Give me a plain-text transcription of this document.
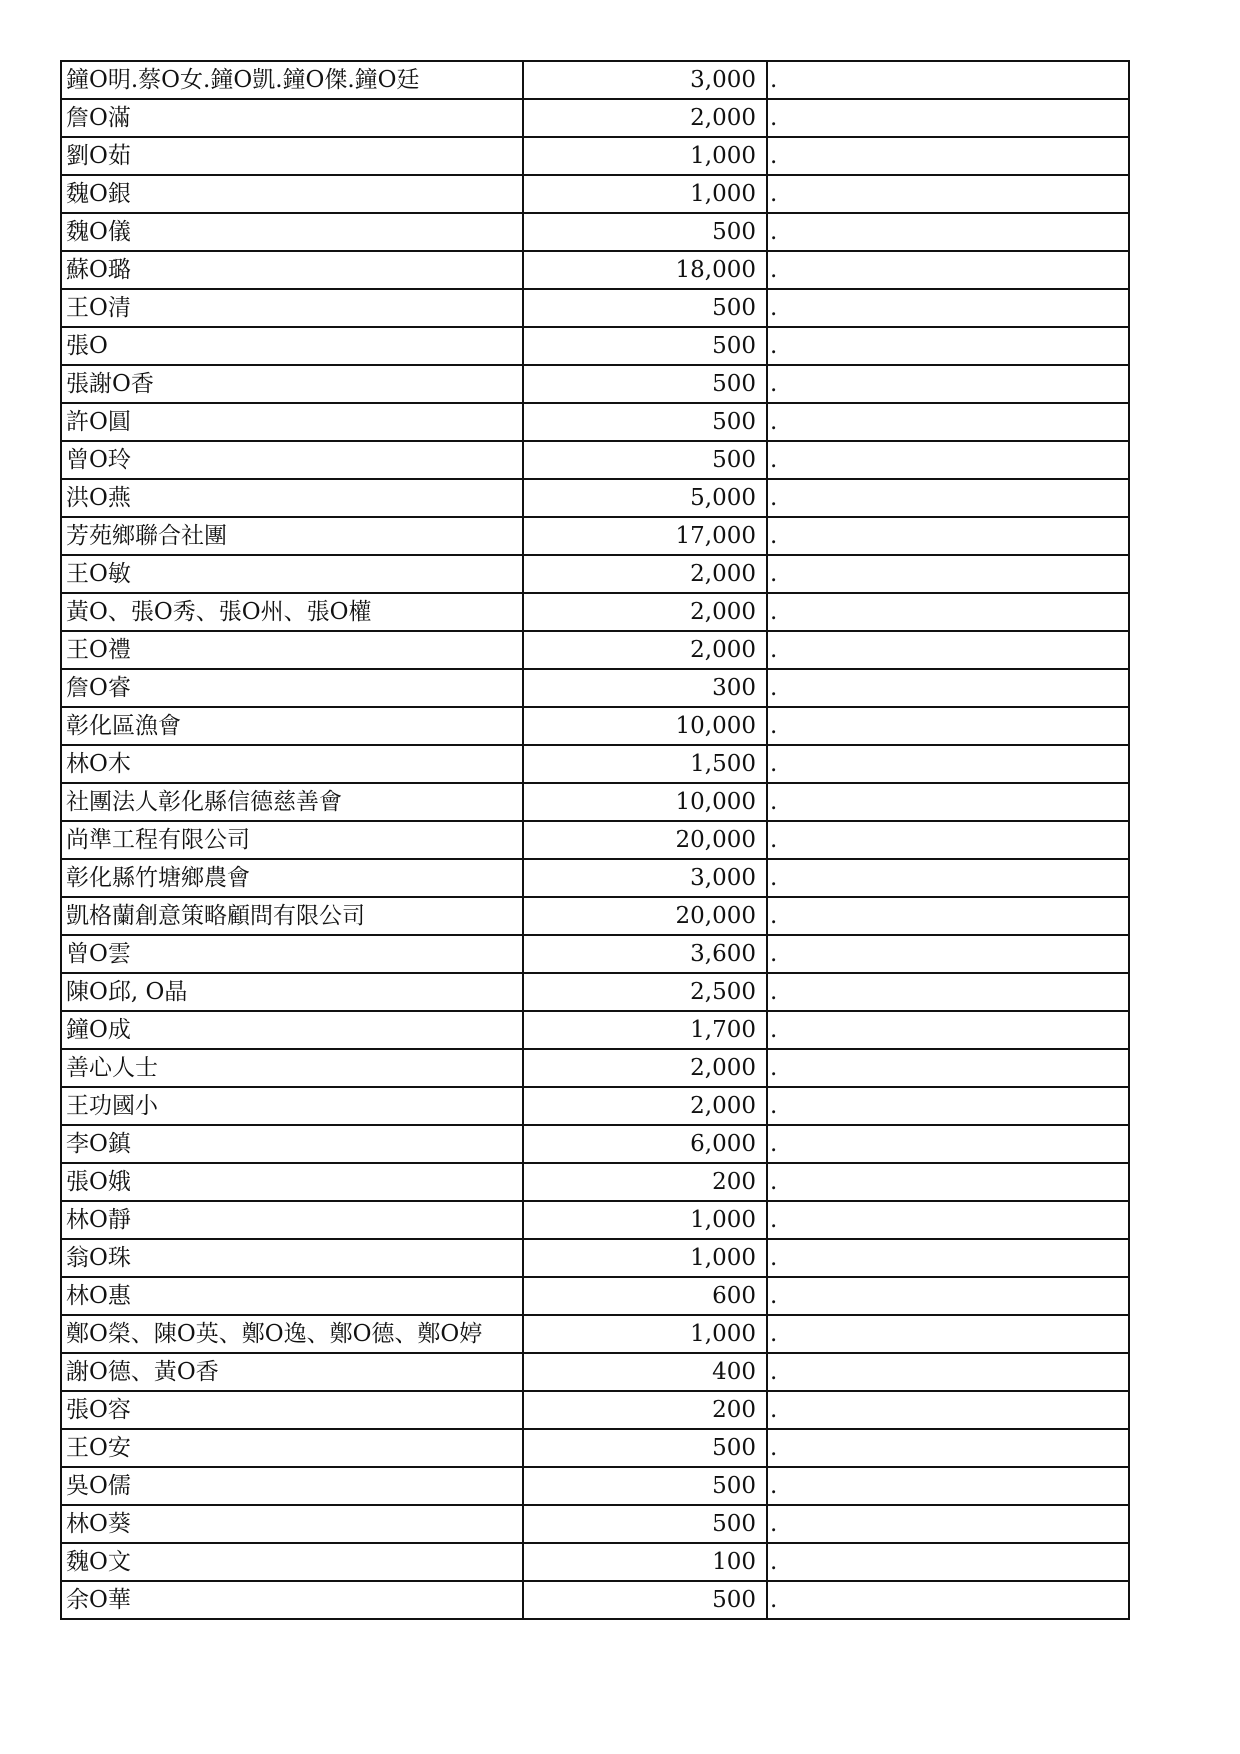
鐘O明.蔡O女.鐘O凱.鐘O傑.鐘O廷	3,000	.
詹O滿	2,000	.
劉O茹	1,000	.
魏O銀	1,000	.
魏O儀	500	.
蘇O璐	18,000	.
王O清	500	.
張O	500	.
張謝O香	500	.
許O圓	500	.
曾O玲	500	.
洪O燕	5,000	.
芳苑鄉聯合社團	17,000	.
王O敏	2,000	.
黃O、張O秀、張O州、張O權	2,000	.
王O禮	2,000	.
詹O睿	300	.
彰化區漁會	10,000	.
林O木	1,500	.
社團法人彰化縣信德慈善會	10,000	.
尚準工程有限公司	20,000	.
彰化縣竹塘鄉農會	3,000	.
凱格蘭創意策略顧問有限公司	20,000	.
曾O雲	3,600	.
陳O邱, O晶	2,500	.
鐘O成	1,700	.
善心人士	2,000	.
王功國小	2,000	.
李O鎮	6,000	.
張O娥	200	.
林O靜	1,000	.
翁O珠	1,000	.
林O惠	600	.
鄭O榮、陳O英、鄭O逸、鄭O德、鄭O婷	1,000	.
謝O德、黃O香	400	.
張O容	200	.
王O安	500	.
吳O儒	500	.
林O葵	500	.
魏O文	100	.
余O華	500	.
